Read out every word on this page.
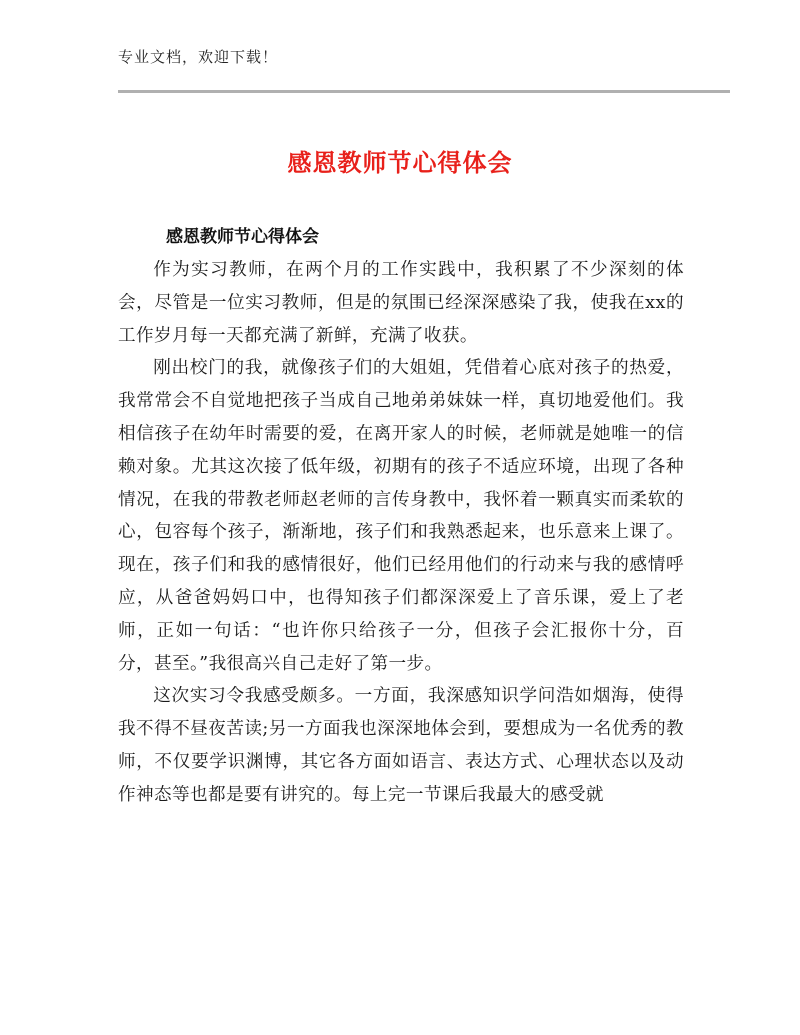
专业文档，欢迎下载！
感恩教师节心得体会
感恩教师节心得体会

作为实习教师，在两个月的工作实践中，我积累了不少深刻的体会，尽管是一位实习教师，但是的氛围已经深深感染了我，使我在xx的工作岁月每一天都充满了新鲜，充满了收获。

刚出校门的我，就像孩子们的大姐姐，凭借着心底对孩子的热爱，我常常会不自觉地把孩子当成自己地弟弟妹妹一样，真切地爱他们。我相信孩子在幼年时需要的爱，在离开家人的时候，老师就是她唯一的信赖对象。尤其这次接了低年级，初期有的孩子不适应环境，出现了各种情况，在我的带教老师赵老师的言传身教中，我怀着一颗真实而柔软的心，包容每个孩子，渐渐地，孩子们和我熟悉起来，也乐意来上课了。现在，孩子们和我的感情很好，他们已经用他们的行动来与我的感情呼应，从爸爸妈妈口中，也得知孩子们都深深爱上了音乐课，爱上了老师，正如一句话：“也许你只给孩子一分，但孩子会汇报你十分，百分，甚至。”我很高兴自己走好了第一步。

这次实习令我感受颇多。一方面，我深感知识学问浩如烟海，使得我不得不昼夜苦读;另一方面我也深深地体会到，要想成为一名优秀的教师，不仅要学识渊博，其它各方面如语言、表达方式、心理状态以及动作神态等也都是要有讲究的。每上完一节课后我最大的感受就
